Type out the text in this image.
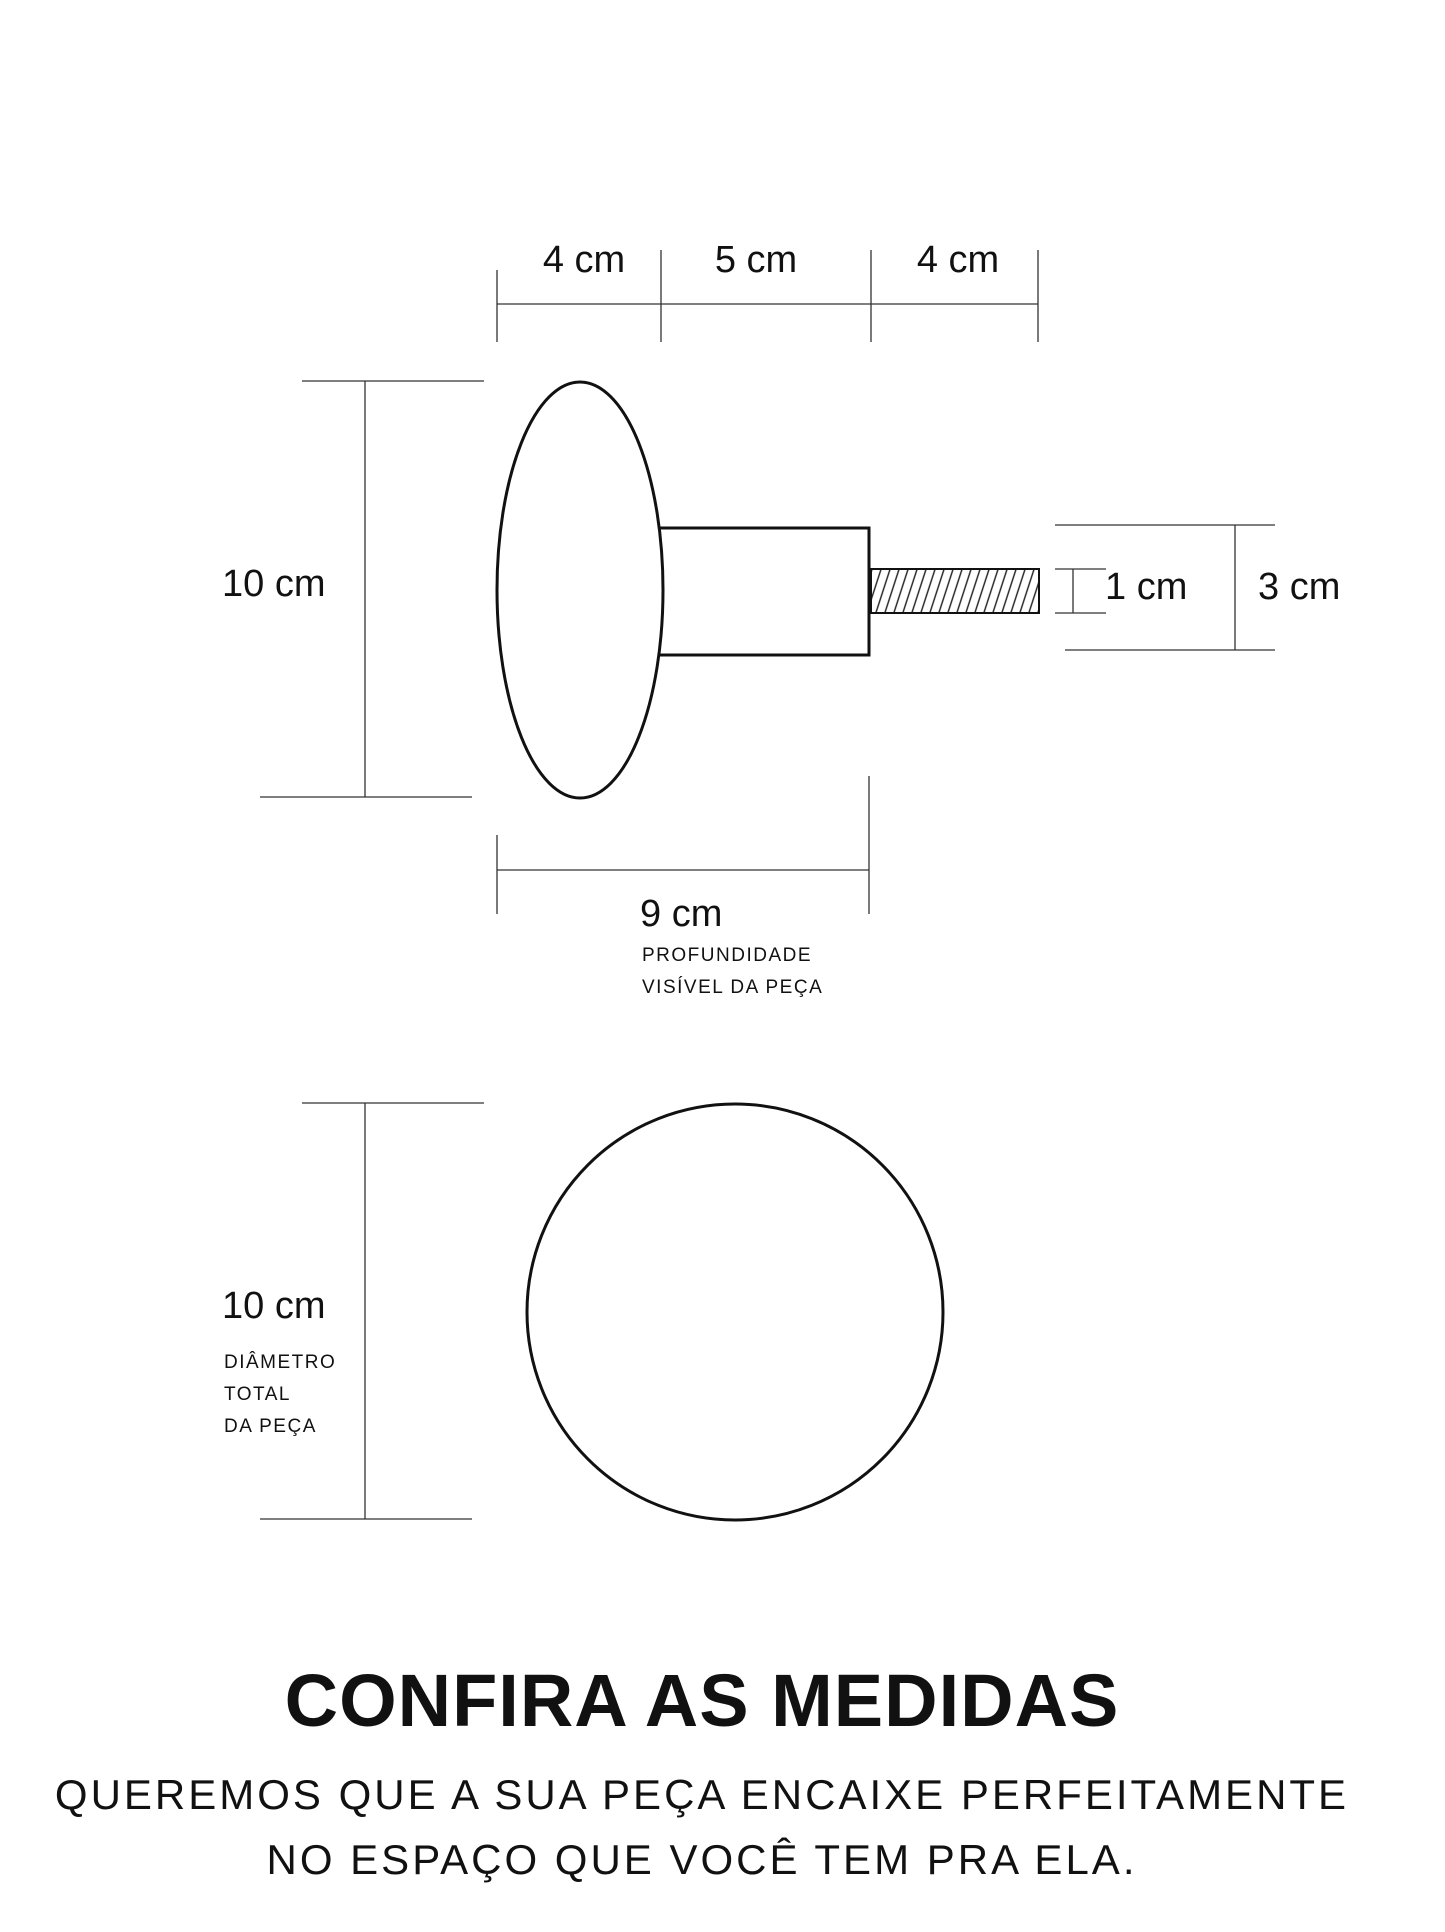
4 cm 5 cm	4 cm
10 cm	1 cm 3 cm
9 cm
PROFUNDIDADE
VISÍVEL DA PEÇA
10 cm
DIÂMETRO
TOTAL
DA PEÇA
CONFIRA AS MEDIDAS
QUEREMOS QUE A SUA PEÇA ENCAIXE PERFEITAMENTE
NO ESPAÇO QUE VOCÊ TEM PRA ELA.
